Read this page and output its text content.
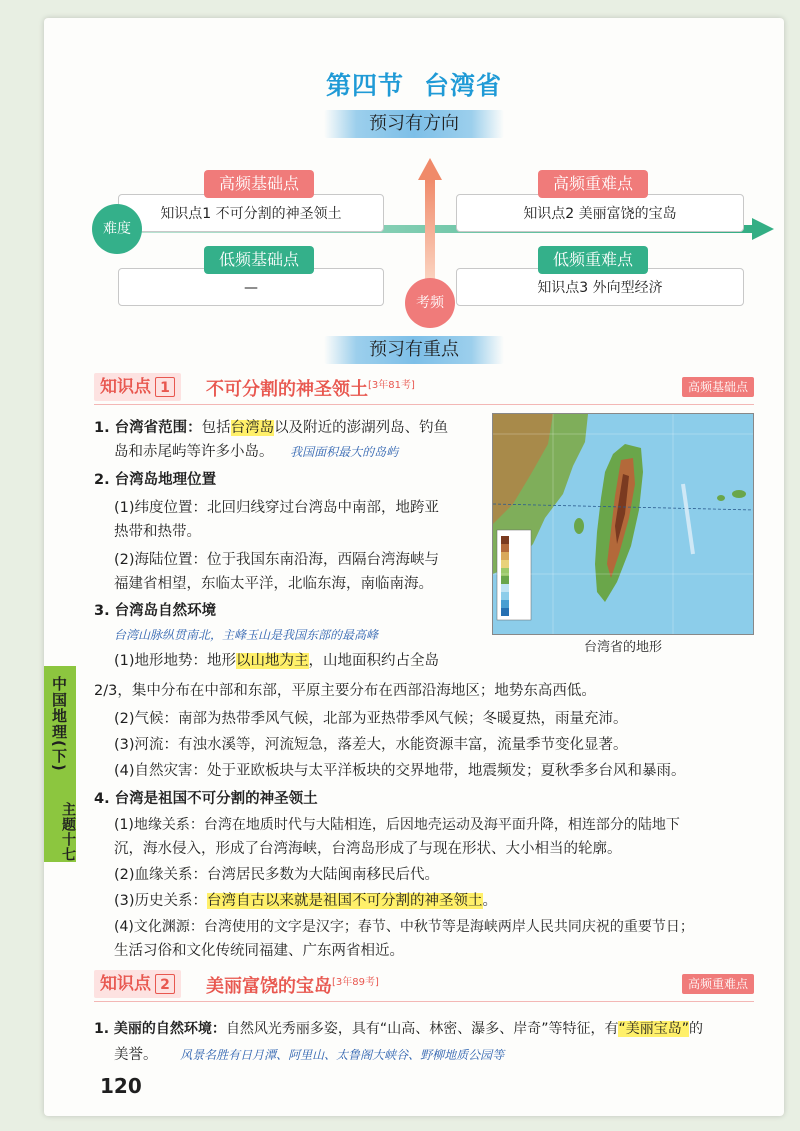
第四节 台湾省
预习有方向
知识点1 不可分割的神圣领土
高频基础点
知识点2 美丽富饶的宝岛
高频重难点
—
低频基础点
知识点3 外向型经济
低频重难点
难度
考频
预习有重点
知识点 1	不可分割的神圣领土[3年81考]	高频基础点
台湾省的地形
1. 台湾省范围：包括台湾岛以及附近的澎湖列岛、钓鱼
岛和赤尾屿等许多小岛。 我国面积最大的岛屿
2. 台湾岛地理位置
(1)纬度位置：北回归线穿过台湾岛中南部，地跨亚
热带和热带。
(2)海陆位置：位于我国东南沿海，西隔台湾海峡与
福建省相望，东临太平洋，北临东海，南临南海。
3. 台湾岛自然环境
台湾山脉纵贯南北，主峰玉山是我国东部的最高峰
(1)地形地势：地形以山地为主，山地面积约占全岛
2/3，集中分布在中部和东部，平原主要分布在西部沿海地区；地势东高西低。
(2)气候：南部为热带季风气候，北部为亚热带季风气候；冬暖夏热，雨量充沛。
(3)河流：有浊水溪等，河流短急，落差大，水能资源丰富，流量季节变化显著。
(4)自然灾害：处于亚欧板块与太平洋板块的交界地带，地震频发；夏秋季多台风和暴雨。
4. 台湾是祖国不可分割的神圣领土
(1)地缘关系：台湾在地质时代与大陆相连，后因地壳运动及海平面升降，相连部分的陆地下
沉，海水侵入，形成了台湾海峡，台湾岛形成了与现在形状、大小相当的轮廓。
(2)血缘关系：台湾居民多数为大陆闽南移民后代。
(3)历史关系：台湾自古以来就是祖国不可分割的神圣领土。
(4)文化渊源：台湾使用的文字是汉字；春节、中秋节等是海峡两岸人民共同庆祝的重要节日；
生活习俗和文化传统同福建、广东两省相近。
知识点 2	美丽富饶的宝岛[3年89考]	高频重难点
1. 美丽的自然环境：自然风光秀丽多姿，具有“山高、林密、瀑多、岸奇”等特征，有“美丽宝岛”的
美誉。 风景名胜有日月潭、阿里山、太鲁阁大峡谷、野柳地质公园等
中国地理(下)
主题十七
120
